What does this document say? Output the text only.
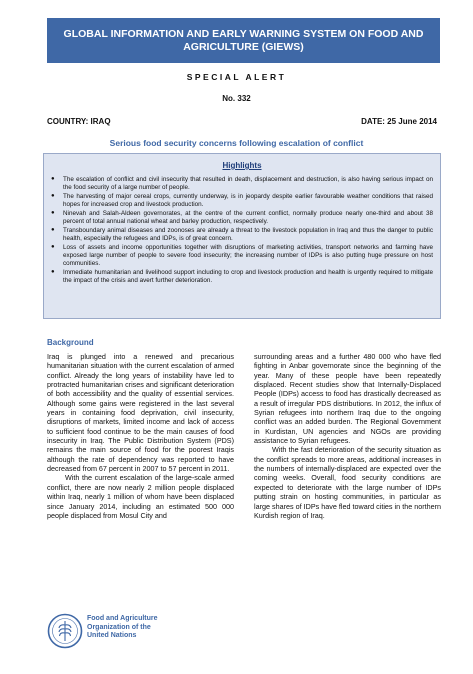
GLOBAL INFORMATION AND EARLY WARNING SYSTEM ON FOOD AND AGRICULTURE (GIEWS)
SPECIAL ALERT
No. 332
COUNTRY: IRAQ	DATE: 25 June 2014
Serious food security concerns following escalation of conflict
Highlights
●	The escalation of conflict and civil insecurity that resulted in death, displacement and destruction, is also having serious impact on the food security of a large number of people.
●	The harvesting of major cereal crops, currently underway, is in jeopardy despite earlier favourable weather conditions that raised hopes for increased crop and livestock production.
●	Ninevah and Salah-Aldeen governorates, at the centre of the current conflict, normally produce nearly one-third and about 38 percent of total annual national wheat and barley production, respectively.
●	Transboundary animal diseases and zoonoses are already a threat to the livestock population in Iraq and thus the danger to public health, especially the refugees and IDPs, is of great concern.
●	Loss of assets and income opportunities together with disruptions of marketing activities, transport networks and farming have exposed large number of people to severe food insecurity; the increasing number of IDPs is also putting huge pressure on host communities.
●	Immediate humanitarian and livelihood support including to crop and livestock production and health is urgently required to mitigate the impact of the crisis and avert further deterioration.
Background

Iraq is plunged into a renewed and precarious humanitarian situation with the current escalation of armed conflict. Already the long years of instability have led to protracted humanitarian crises and significant deterioration of both accessibility and the quality of essential services. Although some gains were registered in the last several years in containing food deprivation, civil insecurity, disruptions of markets, limited income and lack of access to sufficient food continue to be the main causes of food insecurity in Iraq. The Public Distribution System (PDS) remains the main source of food for the poorest Iraqis although the rate of dependency was reported to have decreased from 67 percent in 2007 to 57 percent in 2011.

With the current escalation of the large-scale armed conflict, there are now nearly 2 million people displaced within Iraq, nearly 1 million of whom have been displaced since January 2014, including an estimated 500 000 people displaced from Mosul City and

surrounding areas and a further 480 000 who have fled fighting in Anbar governorate since the beginning of the year. Many of these people have been repeatedly displaced. Recent studies show that Internally-Displaced People (IDPs) access to food has drastically decreased as a result of irregular PDS distributions. In 2012, the influx of Syrian refugees into northern Iraq due to the ongoing conflict was an added burden. The Regional Government in Kurdistan, UN agencies and NGOs are providing assistance to Syrian refugees.

With the fast deterioration of the security situation as the conflict spreads to more areas, additional increases in the numbers of internally-displaced are expected over the coming weeks. Overall, food security conditions are expected to deteriorate with the large number of IDPs putting strain on hosting communities, in particular as large shares of IDPs have fled toward cities in the northern Kurdish region of Iraq.

Food and Agriculture
Organization of the
United Nations
